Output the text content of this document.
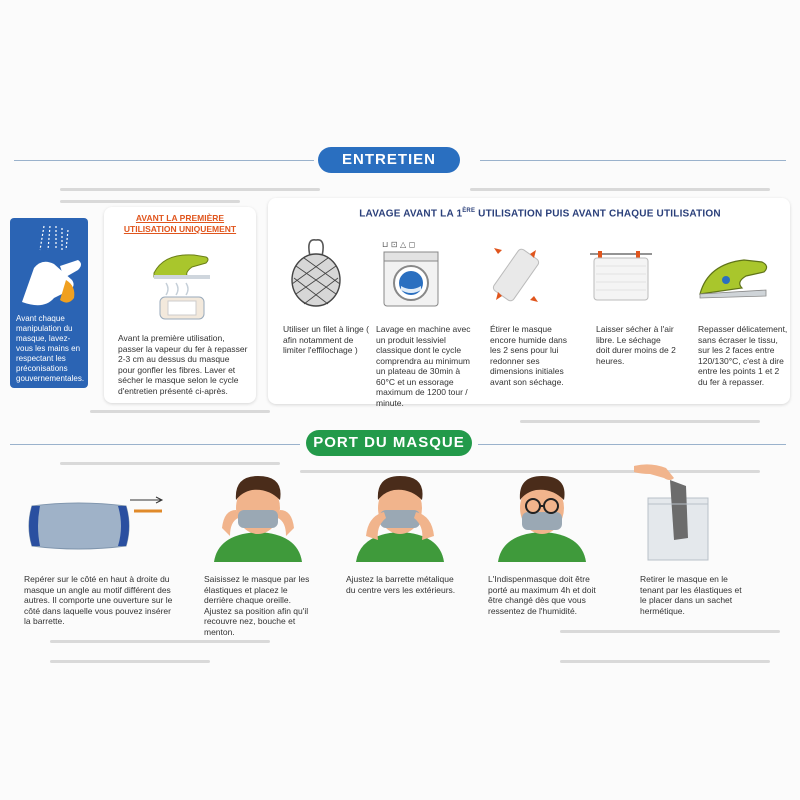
ENTRETIEN
Avant chaque manipulation du masque, lavez-vous les mains en respectant les préconisations gouvernementales.
AVANT LA PREMIÈRE
UTILISATION UNIQUEMENT
Avant la première utilisation, passer la vapeur du fer à repasser 2-3 cm au dessus du masque pour gonfler les fibres. Laver et sécher le masque selon le cycle d'entretien présenté ci-après.
LAVAGE AVANT LA 1ÈRE UTILISATION PUIS AVANT CHAQUE UTILISATION
⊔ ⊡ △ ◻
Utiliser un filet à linge ( afin notamment de limiter l'effilochage )
Lavage en machine avec un produit lessiviel classique dont le cycle comprendra au minimum un plateau de 30min à 60°C et un essorage maximum de 1200 tour / minute.
Étirer le masque encore humide dans les 2 sens pour lui redonner ses dimensions initiales avant son séchage.
Laisser sécher à l'air libre. Le séchage doit durer moins de 2 heures.
Repasser délicatement, sans écraser le tissu, sur les 2 faces entre 120/130°C, c'est à dire entre les points 1 et 2 du fer à repasser.
PORT DU MASQUE
Repérer sur le côté en haut à droite du masque un angle au motif différent des autres. Il comporte une ouverture sur le côté dans laquelle vous pouvez insérer la barrette.
Saisissez le masque par les élastiques et placez le derrière chaque oreille. Ajustez sa position afin qu'il recouvre nez, bouche et menton.
Ajustez la barrette métalique du centre vers les extérieurs.
L'Indispenmasque doit être porté au maximum 4h et doit être changé dès que vous ressentez de l'humidité.
Retirer le masque en le tenant par les élastiques et le placer dans un sachet hermétique.
